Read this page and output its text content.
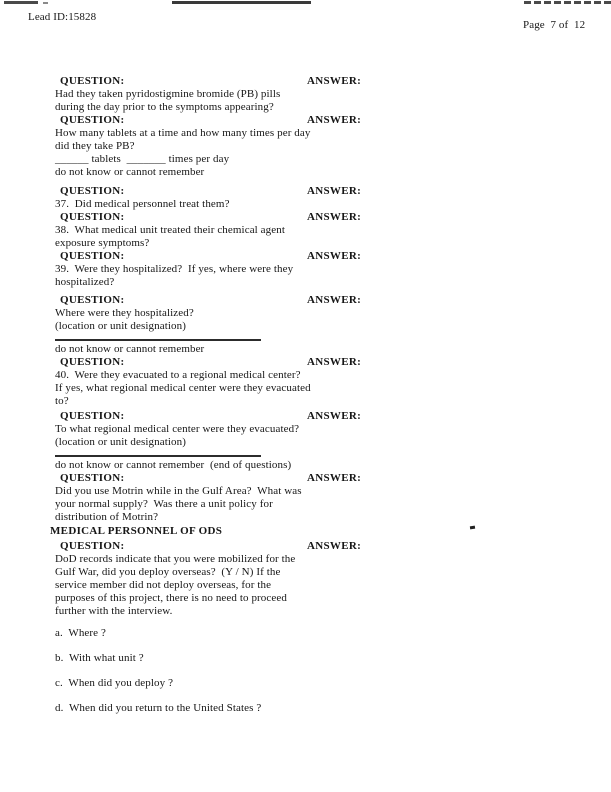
Lead ID:15828
Page  7 of  12
QUESTION:	ANSWER:
Had they taken pyridostigmine bromide (PB) pills
during the day prior to the symptoms appearing?
QUESTION:	ANSWER:
How many tablets at a time and how many times per day
did they take PB?
______ tablets  _______ times per day
do not know or cannot remember
QUESTION:	ANSWER:
37.  Did medical personnel treat them?
QUESTION:	ANSWER:
38.  What medical unit treated their chemical agent
exposure symptoms?
QUESTION:	ANSWER:
39.  Were they hospitalized?  If yes, where were they
hospitalized?
QUESTION:	ANSWER:
Where were they hospitalized?
(location or unit designation)
do not know or cannot remember
QUESTION:	ANSWER:
40.  Were they evacuated to a regional medical center?
If yes, what regional medical center were they evacuated
to?
QUESTION:	ANSWER:
To what regional medical center were they evacuated?
(location or unit designation)
do not know or cannot remember  (end of questions)
QUESTION:	ANSWER:
Did you use Motrin while in the Gulf Area?  What was
your normal supply?  Was there a unit policy for
distribution of Motrin?
MEDICAL PERSONNEL OF ODS
QUESTION:	ANSWER:
DoD records indicate that you were mobilized for the
Gulf War, did you deploy overseas?  (Y / N) If the
service member did not deploy overseas, for the
purposes of this project, there is no need to proceed
further with the interview.
a.  Where ?
b.  With what unit ?
c.  When did you deploy ?
d.  When did you return to the United States ?
